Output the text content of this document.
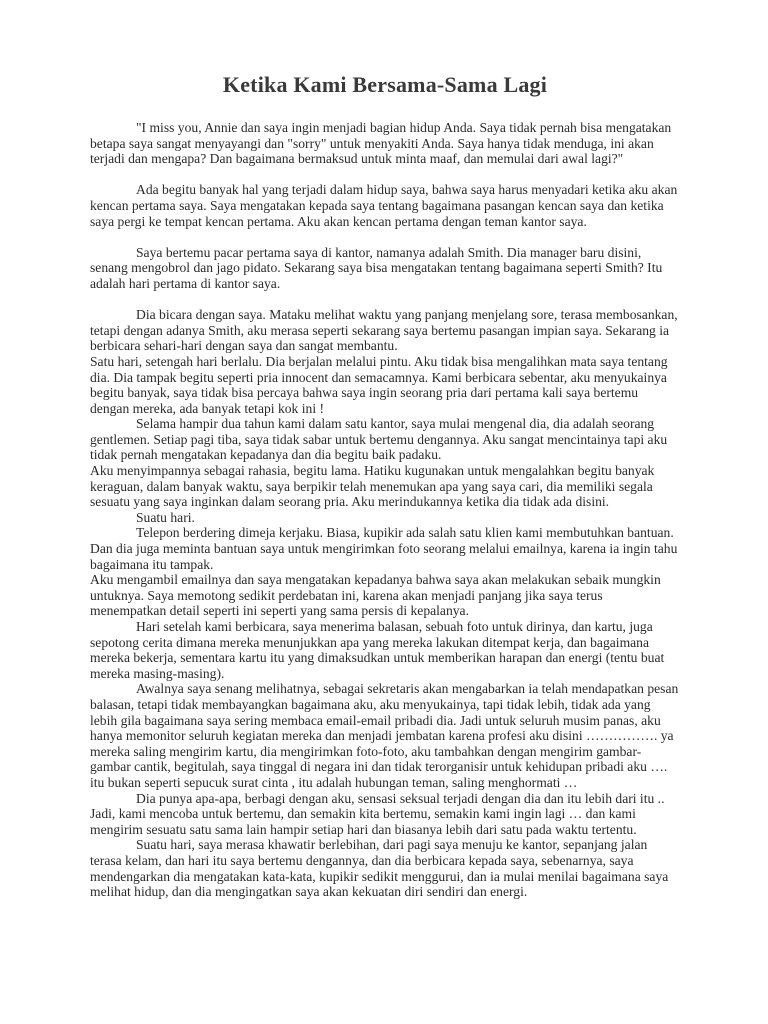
Ketika Kami Bersama-Sama Lagi

"I miss you, Annie dan saya ingin menjadi bagian hidup Anda. Saya tidak pernah bisa mengatakan betapa saya sangat menyayangi dan "sorry" untuk menyakiti Anda. Saya hanya tidak menduga, ini akan terjadi dan mengapa? Dan bagaimana bermaksud untuk minta maaf, dan memulai dari awal lagi?"

Ada begitu banyak hal yang terjadi dalam hidup saya, bahwa saya harus menyadari ketika aku akan kencan pertama saya. Saya mengatakan kepada saya tentang bagaimana pasangan kencan saya dan ketika saya pergi ke tempat kencan pertama. Aku akan kencan pertama dengan teman kantor saya.

Saya bertemu pacar pertama saya di kantor, namanya adalah Smith. Dia manager baru disini, senang mengobrol dan jago pidato. Sekarang saya bisa mengatakan tentang bagaimana seperti Smith? Itu adalah hari pertama di kantor saya.

Dia bicara dengan saya. Mataku melihat waktu yang panjang menjelang sore, terasa membosankan, tetapi dengan adanya Smith, aku merasa seperti sekarang saya bertemu pasangan impian saya. Sekarang ia berbicara sehari-hari dengan saya dan sangat membantu.

Satu hari, setengah hari berlalu. Dia berjalan melalui pintu. Aku tidak bisa mengalihkan mata saya tentang dia. Dia tampak begitu seperti pria innocent dan semacamnya. Kami berbicara sebentar, aku menyukainya begitu banyak, saya tidak bisa percaya bahwa saya ingin seorang pria dari pertama kali saya bertemu dengan mereka, ada banyak tetapi kok ini !

Selama hampir dua tahun kami dalam satu kantor, saya mulai mengenal dia, dia adalah seorang gentlemen. Setiap pagi tiba, saya tidak sabar untuk bertemu dengannya. Aku sangat mencintainya tapi aku tidak pernah mengatakan kepadanya dan dia begitu baik padaku.

Aku menyimpannya sebagai rahasia, begitu lama. Hatiku kugunakan untuk mengalahkan begitu banyak keraguan, dalam banyak waktu, saya berpikir telah menemukan apa yang saya cari, dia memiliki segala sesuatu yang saya inginkan dalam seorang pria. Aku merindukannya ketika dia tidak ada disini.

Suatu hari.

Telepon berdering dimeja kerjaku. Biasa, kupikir ada salah satu klien kami membutuhkan bantuan. Dan dia juga meminta bantuan saya untuk mengirimkan foto seorang melalui emailnya, karena ia ingin tahu bagaimana itu tampak.

Aku mengambil emailnya dan saya mengatakan kepadanya bahwa saya akan melakukan sebaik mungkin untuknya. Saya memotong sedikit perdebatan ini, karena akan menjadi panjang jika saya terus menempatkan detail seperti ini seperti yang sama persis di kepalanya.

Hari setelah kami berbicara, saya menerima balasan, sebuah foto untuk dirinya, dan kartu, juga sepotong cerita dimana mereka menunjukkan apa yang mereka lakukan ditempat kerja, dan bagaimana mereka bekerja, sementara kartu itu yang dimaksudkan untuk memberikan harapan dan energi (tentu buat mereka masing-masing).

Awalnya saya senang melihatnya, sebagai sekretaris akan mengabarkan ia telah mendapatkan pesan balasan, tetapi tidak membayangkan bagaimana aku, aku menyukainya, tapi tidak lebih, tidak ada yang lebih gila bagaimana saya sering membaca email-email pribadi dia. Jadi untuk seluruh musim panas, aku hanya memonitor seluruh kegiatan mereka dan menjadi jembatan karena profesi aku disini ……………. ya mereka saling mengirim kartu, dia mengirimkan foto-foto, aku tambahkan dengan mengirim gambar-gambar cantik, begitulah, saya tinggal di negara ini dan tidak terorganisir untuk kehidupan pribadi aku …. itu bukan seperti sepucuk surat cinta , itu adalah hubungan teman, saling menghormati …

Dia punya apa-apa, berbagi dengan aku, sensasi seksual terjadi dengan dia dan itu lebih dari itu .. Jadi, kami mencoba untuk bertemu, dan semakin kita bertemu, semakin kami ingin lagi … dan kami mengirim sesuatu satu sama lain hampir setiap hari dan biasanya lebih dari satu pada waktu tertentu.

Suatu hari, saya merasa khawatir berlebihan, dari pagi saya menuju ke kantor, sepanjang jalan terasa kelam, dan hari itu saya bertemu dengannya, dan dia berbicara kepada saya, sebenarnya, saya mendengarkan dia mengatakan kata-kata, kupikir sedikit menggurui, dan ia mulai menilai bagaimana saya melihat hidup, dan dia mengingatkan saya akan kekuatan diri sendiri dan energi.
